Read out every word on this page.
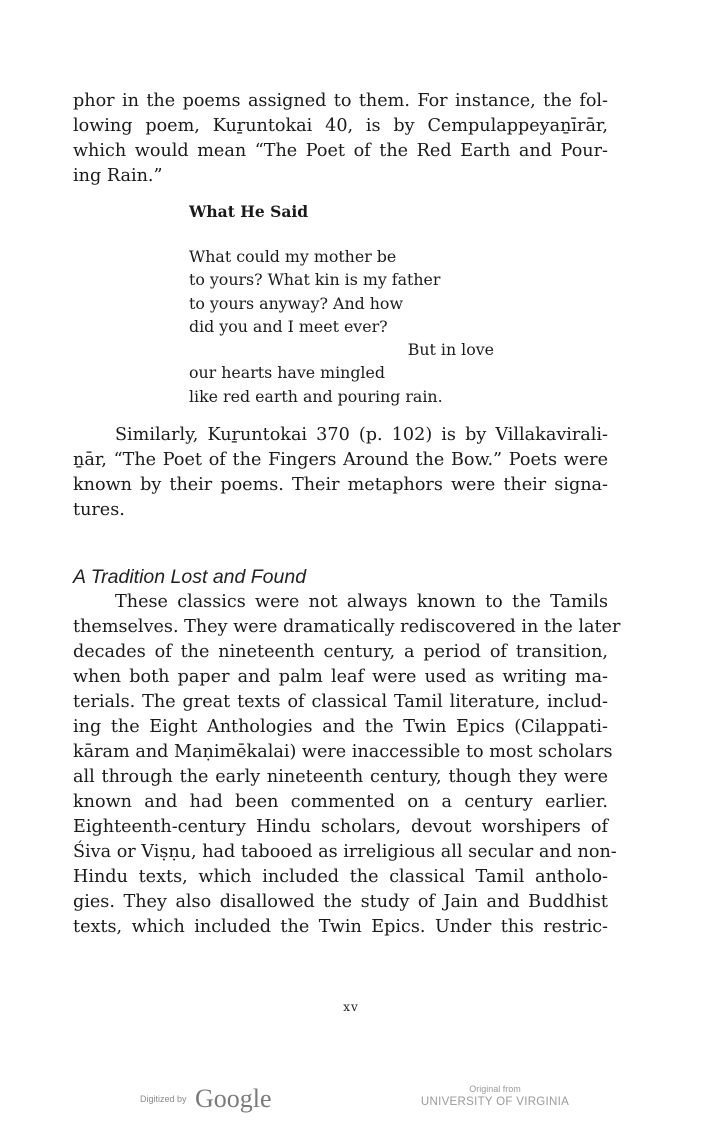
phor in the poems assigned to them. For instance, the fol-
lowing poem, Kuṟuntokai 40, is by Cempulappeyaṉīrār,
which would mean “The Poet of the Red Earth and Pour-
ing Rain.”
What He Said
What could my mother be
to yours? What kin is my father
to yours anyway? And how
did you and I meet ever?
But in love
our hearts have mingled
like red earth and pouring rain.
Similarly, Kuṟuntokai 370 (p. 102) is by Villakavirali-
ṉār, “The Poet of the Fingers Around the Bow.” Poets were
known by their poems. Their metaphors were their signa-
tures.
A Tradition Lost and Found
These classics were not always known to the Tamils
themselves. They were dramatically rediscovered in the later
decades of the nineteenth century, a period of transition,
when both paper and palm leaf were used as writing ma-
terials. The great texts of classical Tamil literature, includ-
ing the Eight Anthologies and the Twin Epics (Cilappati-
kāram and Maṇimēkalai) were inaccessible to most scholars
all through the early nineteenth century, though they were
known and had been commented on a century earlier.
Eighteenth-century Hindu scholars, devout worshipers of
Śiva or Viṣṇu, had tabooed as irreligious all secular and non-
Hindu texts, which included the classical Tamil antholo-
gies. They also disallowed the study of Jain and Buddhist
texts, which included the Twin Epics. Under this restric-
xv
Digitized by Google	Original from
UNIVERSITY OF VIRGINIA
